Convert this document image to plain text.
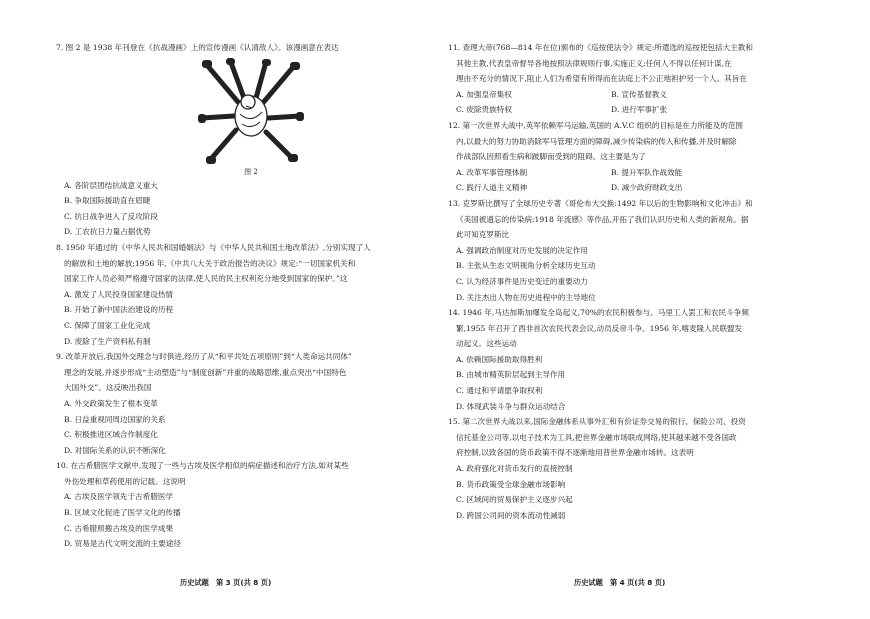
7. 图 2 是 1938 年刊登在《抗战漫画》上的宣传漫画《认清敌人》。该漫画意在表达

图 2
A. 各阶层团结抗战意义重大
B. 争取国际援助直在眉睫
C. 抗日战争进入了反攻阶段
D. 工农抗日力量占据优势
8. 1950 年通过的《中华人民共和国婚姻法》与《中华人民共和国土地改革法》,分别实现了人
的解放和土地的解放;1956 年,《中共八大关于政治报告的决议》规定:“一切国家机关和
国家工作人员必须严格遵守国家的法律,使人民的民主权利充分地受到国家的保护。”这
A. 激发了人民投身国家建设热情
B. 开始了新中国法治建设的历程
C. 保障了国家工业化完成
D. 废除了生产资料私有制
9. 改革开放后,我国外交理念与时俱进,经历了从“和平共处五项原则”到“人类命运共同体”
理念的发展,并逐步形成“主动塑造”与“制度创新”并重的战略思维,重点突出“中国特色
大国外交”。这反映出我国
A. 外交政策发生了根本变革
B. 日益重视同周边国家的关系
C. 积极推进区域合作制度化
D. 对国际关系的认识不断深化
10. 在古希腊医学文献中,发现了一些与古埃及医学相似的病症描述和治疗方法,如对某些
外伤处理和草药使用的记载。这说明
A. 古埃及医学领先于古希腊医学
B. 区域文化促进了医学文化的传播
C. 古希腊照搬古埃及的医学成果
D. 贸易是古代文明交流的主要途径
11. 查理大帝(768—814 年在位)颁布的《巡按使法令》规定:所遣选的巡按使包括大主教和
其他主教,代表皇帝督导各地按照法律规则行事,实施正义;任何人不得以任何计谋,在
理由不充分的情况下,阻止人们为希望有所得而在法庭上不公正地袒护另一个人。其旨在
A. 加强皇帝集权	B. 宣传基督教义
C. 废除贵族特权	D. 进行军事扩张
12. 第一次世界大战中,英军依赖军马运输,英国的 A.V.C 组织的目标是在力所能及的范围
内,以最大的努力协助消除军马管理方面的障碍,减少传染病的传入和传播,并及时解除
作战部队因照看生病和跛脚而受到的阻碍。这主要是为了
A. 改革军事管理体制	B. 提升军队作战效能
C. 践行人道主义精神	D. 减少政府财政支出
13. 克罗斯比撰写了全球历史专著《哥伦布大交换:1492 年以后的生物影响和文化冲击》和
《美国被遗忘的传染病:1918 年流感》等作品,开拓了我们认识历史和人类的新视角。据
此可知克罗斯比
A. 强调政治制度对历史发展的决定作用
B. 主张从生态文明视角分析全球历史互动
C. 认为经济事件是历史变迁的重要动力
D. 关注杰出人物在历史进程中的主导地位
14. 1946 年,马达加斯加爆发全岛起义,70%的农民积极参与。马里工人罢工和农民斗争频
繁,1955 年召开了西非首次农民代表会议,动员反帝斗争。1956 年,喀麦隆人民联盟发
动起义。这些运动
A. 依赖国际援助取得胜利
B. 由城市精英阶层起到主导作用
C. 通过和平请愿争取权利
D. 体现武装斗争与群众运动结合
15. 第二次世界大战以来,国际金融体系从事外汇和有价证券交易的银行、保险公司、投资
信托基金公司等,以电子技术为工具,把世界金融市场联成网络,使其越来越不受各国政
府控制,以致各国的货币政策不得不逐渐地用普世界金融市场转。这表明
A. 政府强化对货币发行的直接控制
B. 货币政策受全球金融市场影响
C. 区域间的贸易保护主义逐步兴起
D. 跨国公司间的资本流动性减弱
历史试题　第 3 页(共 8 页)	历史试题　第 4 页(共 8 页)
